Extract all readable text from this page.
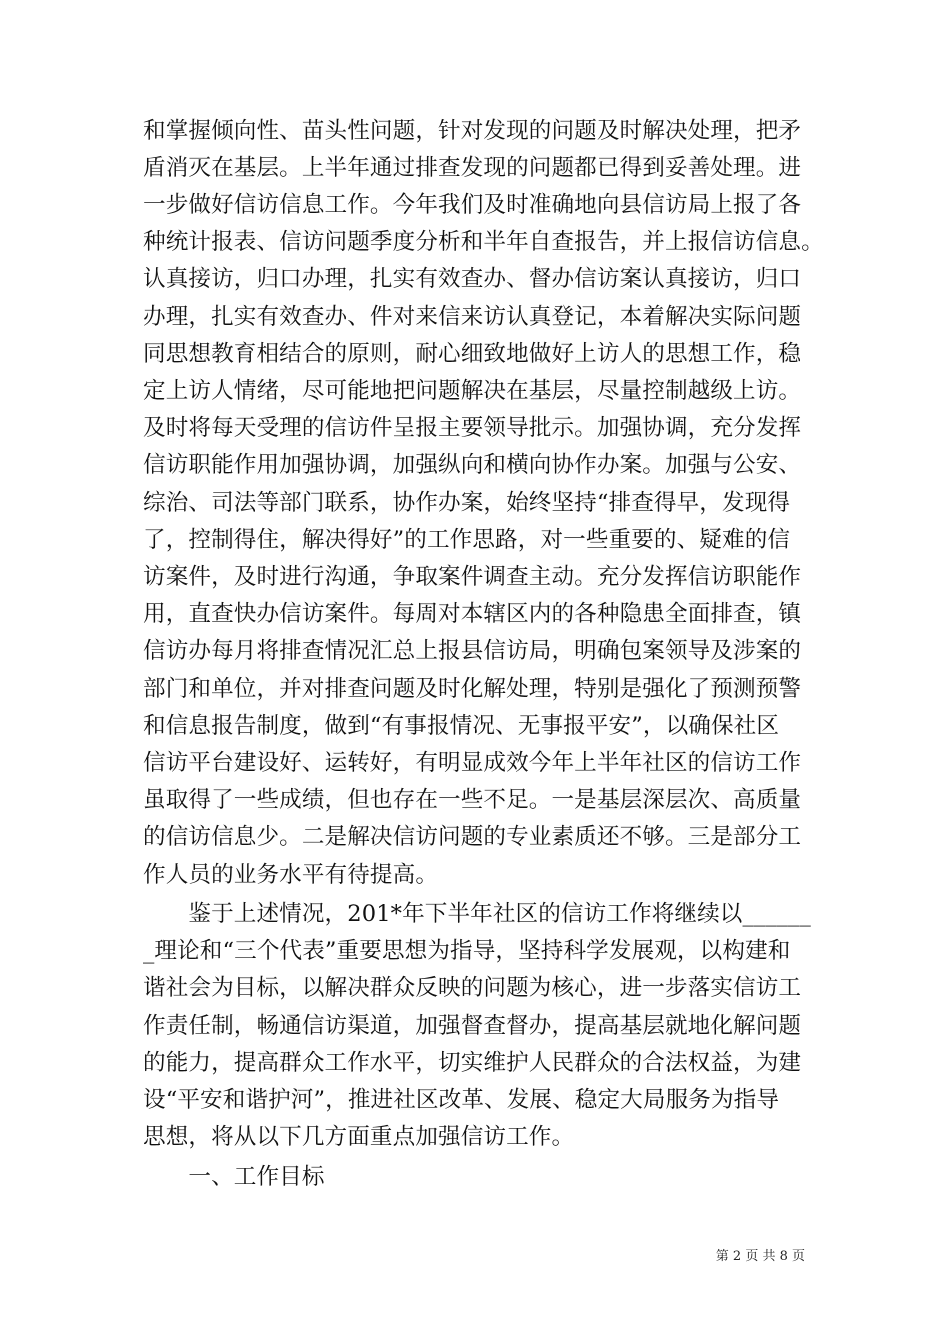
和掌握倾向性、苗头性问题，针对发现的问题及时解决处理，把矛
盾消灭在基层。上半年通过排查发现的问题都已得到妥善处理。进
一步做好信访信息工作。今年我们及时准确地向县信访局上报了各
种统计报表、信访问题季度分析和半年自查报告，并上报信访信息。
认真接访，归口办理，扎实有效查办、督办信访案认真接访，归口
办理，扎实有效查办、件对来信来访认真登记，本着解决实际问题
同思想教育相结合的原则，耐心细致地做好上访人的思想工作，稳
定上访人情绪，尽可能地把问题解决在基层，尽量控制越级上访。
及时将每天受理的信访件呈报主要领导批示。加强协调，充分发挥
信访职能作用加强协调，加强纵向和横向协作办案。加强与公安、
综治、司法等部门联系，协作办案，始终坚持“排查得早，发现得
了，控制得住，解决得好”的工作思路，对一些重要的、疑难的信
访案件，及时进行沟通，争取案件调查主动。充分发挥信访职能作
用，直查快办信访案件。每周对本辖区内的各种隐患全面排查，镇
信访办每月将排查情况汇总上报县信访局，明确包案领导及涉案的
部门和单位，并对排查问题及时化解处理，特别是强化了预测预警
和信息报告制度，做到“有事报情况、无事报平安”，以确保社区
信访平台建设好、运转好，有明显成效今年上半年社区的信访工作
虽取得了一些成绩，但也存在一些不足。一是基层深层次、高质量
的信访信息少。二是解决信访问题的专业素质还不够。三是部分工
作人员的业务水平有待提高。
　　鉴于上述情况，201*年下半年社区的信访工作将继续以______
_理论和“三个代表”重要思想为指导，坚持科学发展观，以构建和
谐社会为目标，以解决群众反映的问题为核心，进一步落实信访工
作责任制，畅通信访渠道，加强督查督办，提高基层就地化解问题
的能力，提高群众工作水平，切实维护人民群众的合法权益，为建
设“平安和谐护河”，推进社区改革、发展、稳定大局服务为指导
思想，将从以下几方面重点加强信访工作。
　　一、工作目标
第 2 页 共 8 页
